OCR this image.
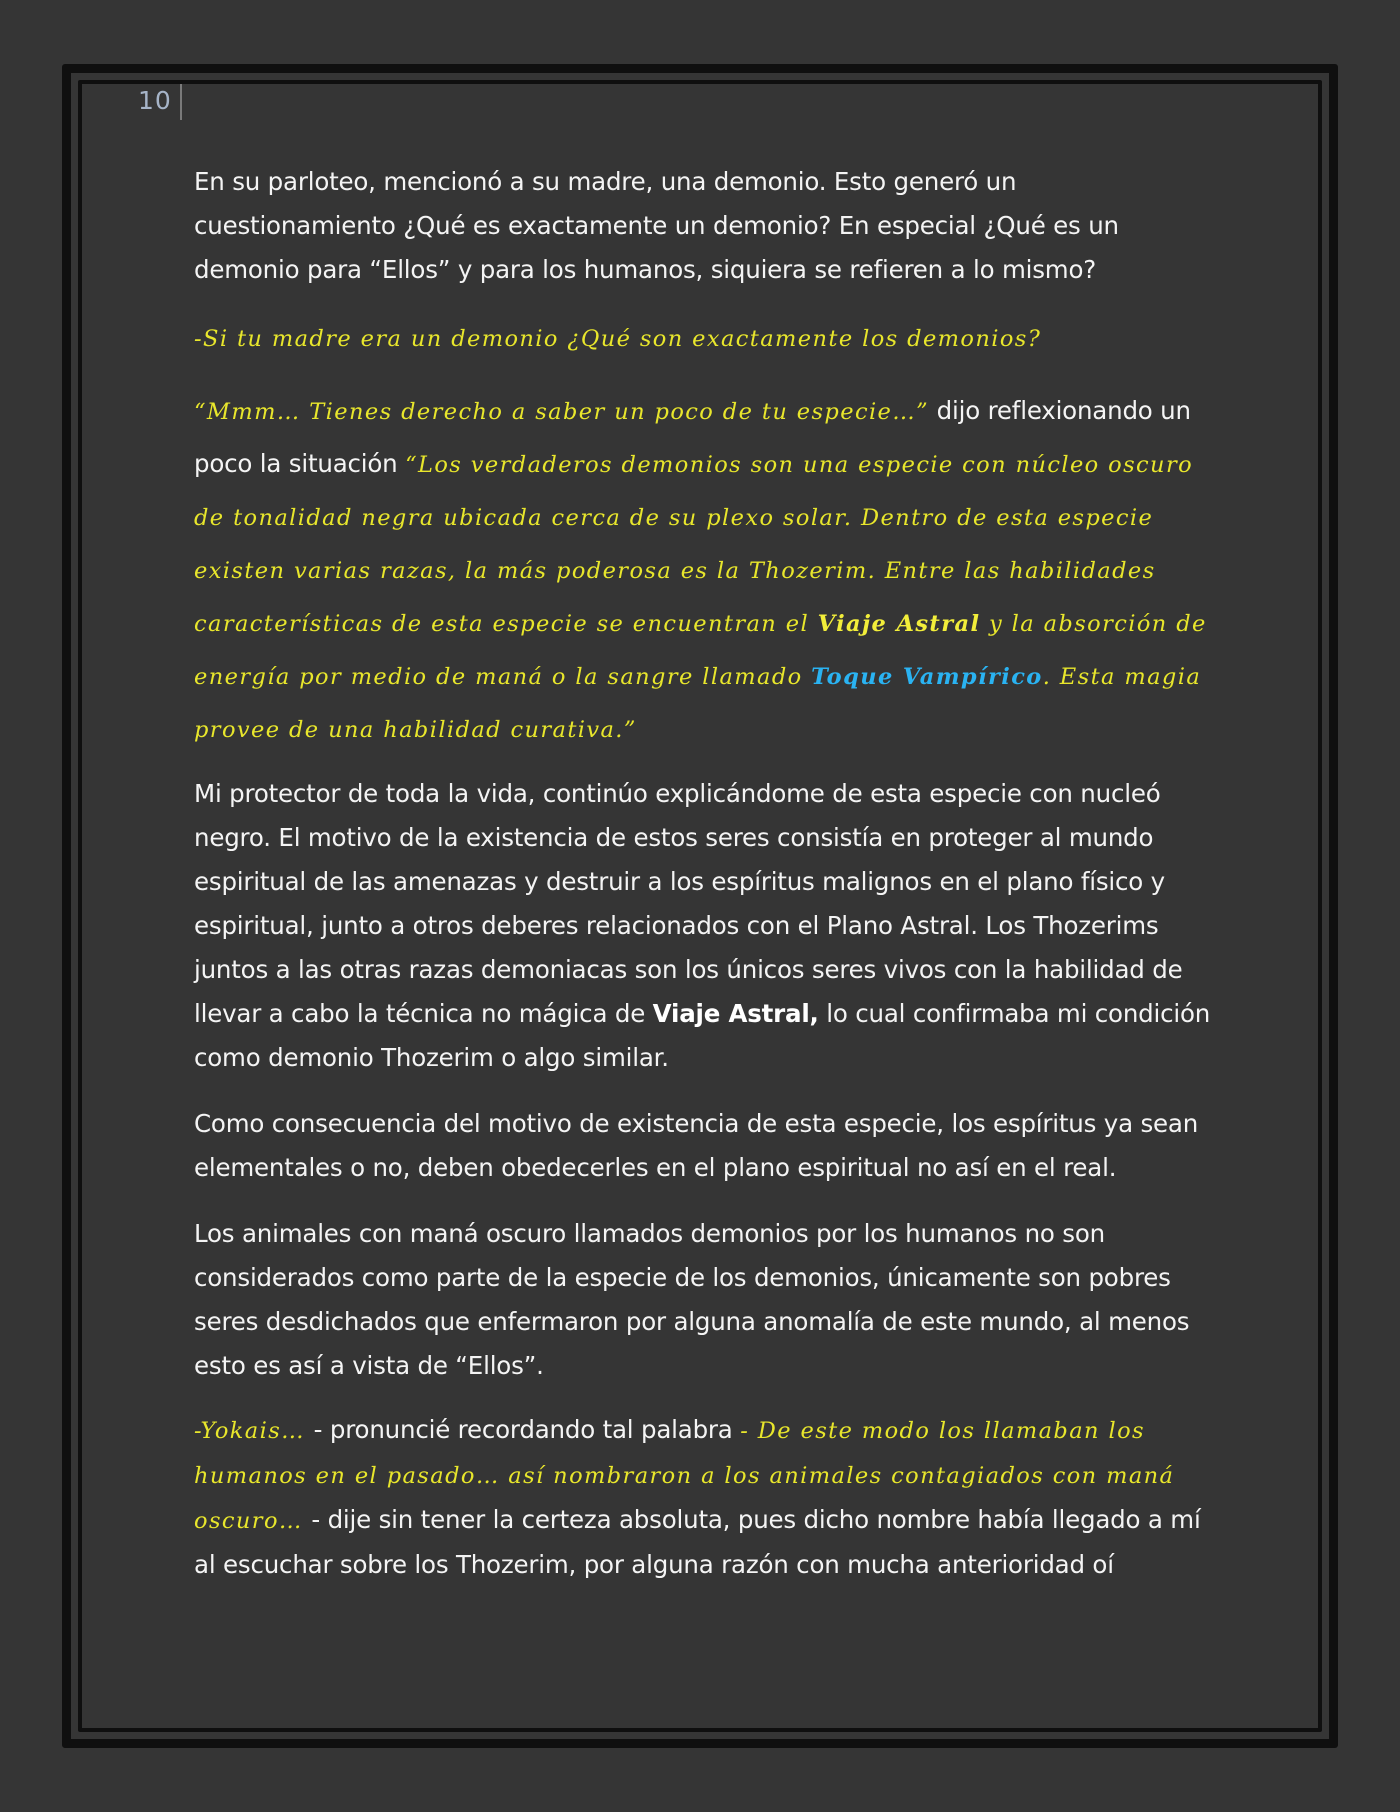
10

En su parloteo, mencionó a su madre, una demonio. Esto generó un cuestionamiento ¿Qué es exactamente un demonio? En especial ¿Qué es un demonio para “Ellos” y para los humanos, siquiera se refieren a lo mismo?

-Si tu madre era un demonio ¿Qué son exactamente los demonios?

“Mmm… Tienes derecho a saber un poco de tu especie…” dijo reflexionando un poco la situación “Los verdaderos demonios son una especie con núcleo oscuro de tonalidad negra ubicada cerca de su plexo solar. Dentro de esta especie existen varias razas, la más poderosa es la Thozerim. Entre las habilidades características de esta especie se encuentran el Viaje Astral y la absorción de energía por medio de maná o la sangre llamado Toque Vampírico. Esta magia provee de una habilidad curativa.”

Mi protector de toda la vida, continúo explicándome de esta especie con nucleó negro. El motivo de la existencia de estos seres consistía en proteger al mundo espiritual de las amenazas y destruir a los espíritus malignos en el plano físico y espiritual, junto a otros deberes relacionados con el Plano Astral. Los Thozerims juntos a las otras razas demoniacas son los únicos seres vivos con la habilidad de llevar a cabo la técnica no mágica de Viaje Astral, lo cual confirmaba mi condición como demonio Thozerim o algo similar.

Como consecuencia del motivo de existencia de esta especie, los espíritus ya sean elementales o no, deben obedecerles en el plano espiritual no así en el real.

Los animales con maná oscuro llamados demonios por los humanos no son considerados como parte de la especie de los demonios, únicamente son pobres seres desdichados que enfermaron por alguna anomalía de este mundo, al menos esto es así a vista de “Ellos”.

-Yokais… - pronuncié recordando tal palabra - De este modo los llamaban los humanos en el pasado… así nombraron a los animales contagiados con maná oscuro… - dije sin tener la certeza absoluta, pues dicho nombre había llegado a mí al escuchar sobre los Thozerim, por alguna razón con mucha anterioridad oí
